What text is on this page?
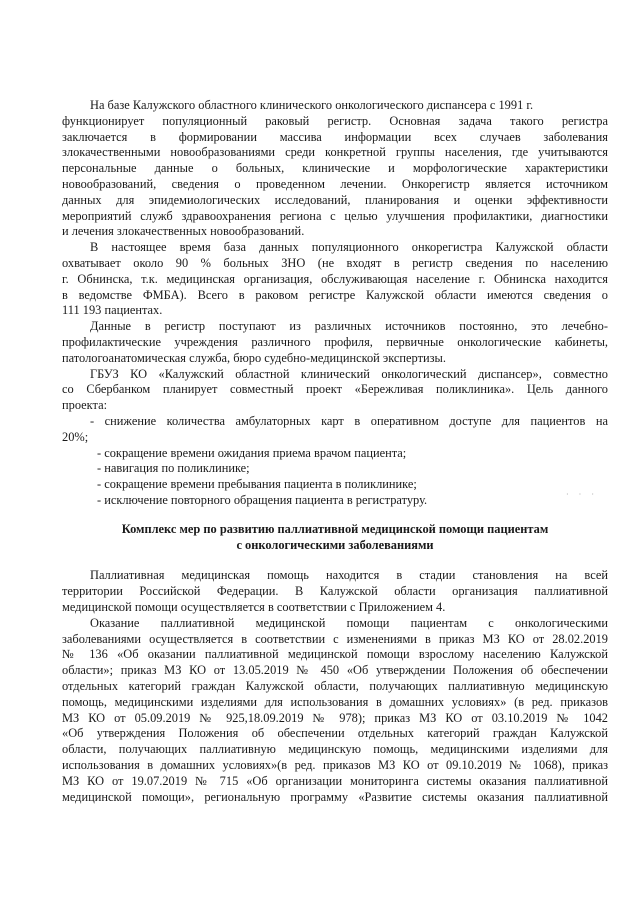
На базе Калужского областного клинического онкологического диспансера с 1991 г.
функционирует популяционный раковый регистр. Основная задача такого регистра
заключается в формировании массива информации всех случаев заболевания
злокачественными новообразованиями среди конкретной группы населения, где учитываются
персональные данные о больных, клинические и морфологические характеристики
новообразований, сведения о проведенном лечении. Онкорегистр является источником
данных для эпидемиологических исследований, планирования и оценки эффективности
мероприятий служб здравоохранения региона с целью улучшения профилактики, диагностики
и лечения злокачественных новообразований.
В настоящее время база данных популяционного онкорегистра Калужской области
охватывает около 90 % больных ЗНО (не входят в регистр сведения по населению
г. Обнинска, т.к. медицинская организация, обслуживающая население г. Обнинска находится
в ведомстве ФМБА). Всего в раковом регистре Калужской области имеются сведения о
111 193 пациентах.
Данные в регистр поступают из различных источников постоянно, это лечебно-
профилактические учреждения различного профиля, первичные онкологические кабинеты,
патологоанатомическая служба, бюро судебно-медицинской экспертизы.
ГБУЗ КО «Калужский областной клинический онкологический диспансер», совместно
со Сбербанком планирует совместный проект «Бережливая поликлиника». Цель данного
проекта:
- снижение количества амбулаторных карт в оперативном доступе для пациентов на
20%;
- сокращение времени ожидания приема врачом пациента;
- навигация по поликлинике;
- сокращение времени пребывания пациента в поликлинике;
- исключение повторного обращения пациента в регистратуру.	· · ·
Комплекс мер по развитию паллиативной медицинской помощи пациентам
с онкологическими заболеваниями
Паллиативная медицинская помощь находится в стадии становления на всей
территории Российской Федерации. В Калужской области организация паллиативной
медицинской помощи осуществляется в соответствии с Приложением 4.
Оказание паллиативной медицинской помощи пациентам с онкологическими
заболеваниями осуществляется в соответствии с изменениями в приказ МЗ КО от 28.02.2019
№ 136 «Об оказании паллиативной медицинской помощи взрослому населению Калужской
области»; приказ МЗ КО от 13.05.2019 № 450 «Об утверждении Положения об обеспечении
отдельных категорий граждан Калужской области, получающих паллиативную медицинскую
помощь, медицинскими изделиями для использования в домашних условиях» (в ред. приказов
МЗ КО от 05.09.2019 № 925,18.09.2019 № 978); приказ МЗ КО от 03.10.2019 № 1042
«Об утверждения Положения об обеспечении отдельных категорий граждан Калужской
области, получающих паллиативную медицинскую помощь, медицинскими изделиями для
использования в домашних условиях»(в ред. приказов МЗ КО от 09.10.2019 № 1068), приказ
МЗ КО от 19.07.2019 № 715 «Об организации мониторинга системы оказания паллиативной
медицинской помощи», региональную программу «Развитие системы оказания паллиативной
